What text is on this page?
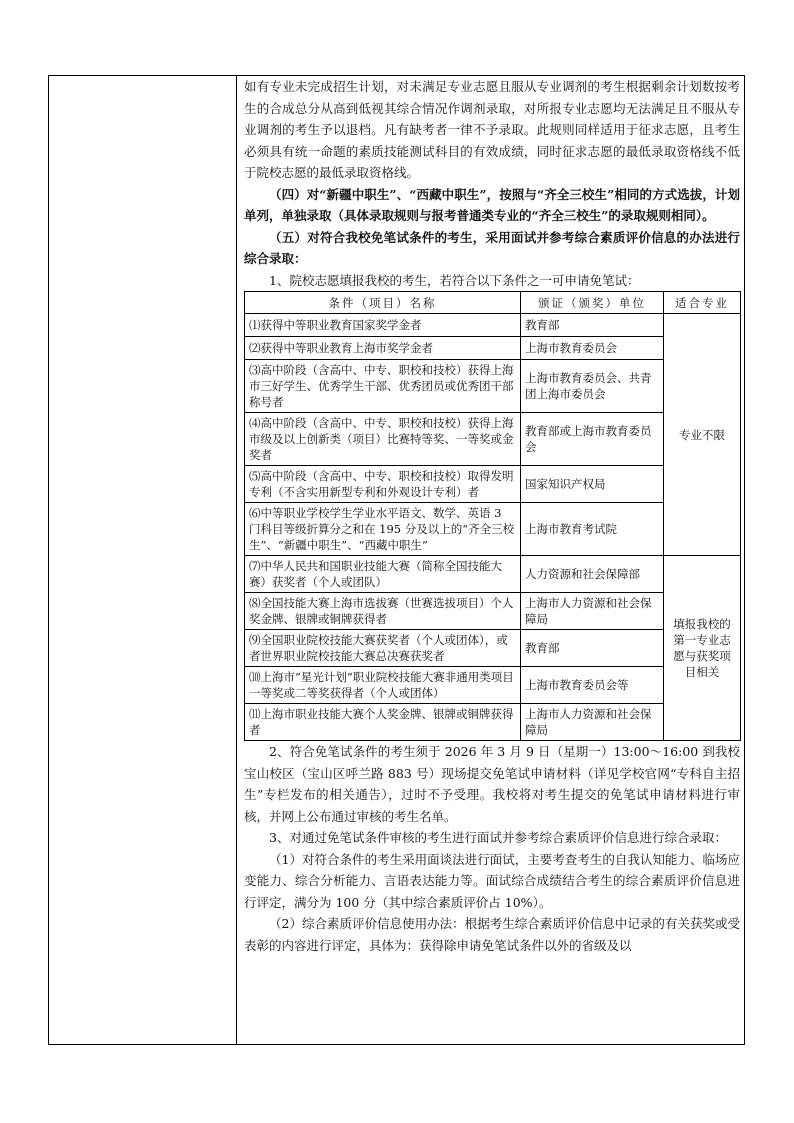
如有专业未完成招生计划，对未满足专业志愿且服从专业调剂的考生根据剩余计划数按考生的合成总分从高到低视其综合情况作调剂录取，对所报专业志愿均无法满足且不服从专业调剂的考生予以退档。凡有缺考者一律不予录取。此规则同样适用于征求志愿，且考生必须具有统一命题的素质技能测试科目的有效成绩，同时征求志愿的最低录取资格线不低于院校志愿的最低录取资格线。

（四）对“新疆中职生”、“西藏中职生”，按照与“齐全三校生”相同的方式选拔，计划单列，单独录取（具体录取规则与报考普通类专业的“齐全三校生”的录取规则相同）。

（五）对符合我校免笔试条件的考生，采用面试并参考综合素质评价信息的办法进行综合录取：

1、院校志愿填报我校的考生，若符合以下条件之一可申请免笔试：

条件（项目）名称	颁证（颁奖）单位	适合专业
⑴获得中等职业教育国家奖学金者	教育部	专业不限
⑵获得中等职业教育上海市奖学金者	上海市教育委员会	
⑶高中阶段（含高中、中专、职校和技校）获得上海市三好学生、优秀学生干部、优秀团员或优秀团干部称号者	上海市教育委员会、共青团上海市委员会	
⑷高中阶段（含高中、中专、职校和技校）获得上海市级及以上创新类（项目）比赛特等奖、一等奖或金奖者	教育部或上海市教育委员会	
⑸高中阶段（含高中、中专、职校和技校）取得发明专利（不含实用新型专利和外观设计专利）者	国家知识产权局	
⑹中等职业学校学生学业水平语文、数学、英语 3 门科目等级折算分之和在 195 分及以上的“齐全三校生”、“新疆中职生”、“西藏中职生”	上海市教育考试院	
⑺中华人民共和国职业技能大赛（简称全国技能大赛）获奖者（个人或团队）	人力资源和社会保障部	填报我校的第一专业志愿与获奖项目相关
⑻全国技能大赛上海市选拔赛（世赛选拔项目）个人奖金牌、银牌或铜牌获得者	上海市人力资源和社会保障局	
⑼全国职业院校技能大赛获奖者（个人或团体），或者世界职业院校技能大赛总决赛获奖者	教育部	
⑽上海市“星光计划”职业院校技能大赛非通用类项目一等奖或二等奖获得者（个人或团体）	上海市教育委员会等	
⑾上海市职业技能大赛个人奖金牌、银牌或铜牌获得者	上海市人力资源和社会保障局	

2、符合免笔试条件的考生须于 2026 年 3 月 9 日（星期一）13:00～16:00 到我校宝山校区（宝山区呼兰路 883 号）现场提交免笔试申请材料（详见学校官网“专科自主招生”专栏发布的相关通告），过时不予受理。我校将对考生提交的免笔试申请材料进行审核，并网上公布通过审核的考生名单。

3、对通过免笔试条件审核的考生进行面试并参考综合素质评价信息进行综合录取：

（1）对符合条件的考生采用面谈法进行面试，主要考查考生的自我认知能力、临场应变能力、综合分析能力、言语表达能力等。面试综合成绩结合考生的综合素质评价信息进行评定，满分为 100 分（其中综合素质评价占 10%）。

（2）综合素质评价信息使用办法：根据考生综合素质评价信息中记录的有关获奖或受表彰的内容进行评定，具体为：获得除申请免笔试条件以外的省级及以
